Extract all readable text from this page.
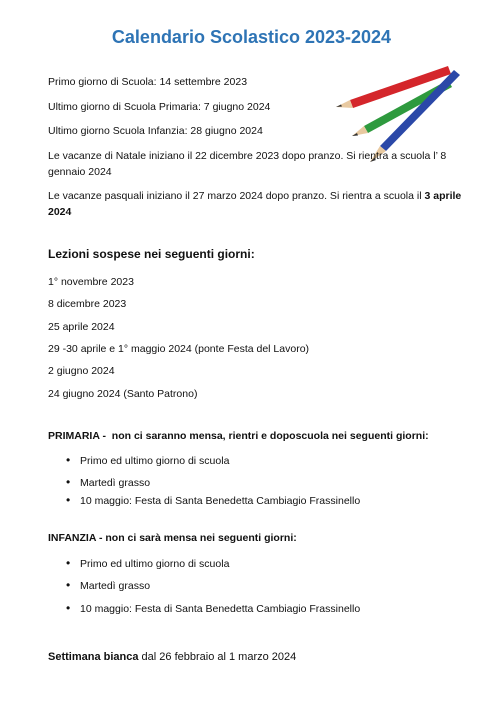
Calendario Scolastico 2023-2024
Primo giorno di Scuola: 14 settembre 2023
Ultimo giorno di Scuola Primaria: 7 giugno 2024
Ultimo giorno Scuola Infanzia: 28 giugno 2024
Le vacanze di Natale iniziano il 22 dicembre 2023 dopo pranzo. Si rientra a scuola l’ 8 gennaio 2024
Le vacanze pasquali iniziano il 27 marzo 2024 dopo pranzo. Si rientra a scuola il 3 aprile 2024
Lezioni sospese nei seguenti giorni:
1° novembre 2023
8 dicembre 2023
25 aprile 2024
29 -30 aprile e 1° maggio 2024 (ponte Festa del Lavoro)
2 giugno 2024
24 giugno 2024 (Santo Patrono)
PRIMARIA - non ci saranno mensa, rientri e doposcuola nei seguenti giorni:
• Primo ed ultimo giorno di scuola
• Martedì grasso
• 10 maggio: Festa di Santa Benedetta Cambiagio Frassinello
INFANZIA - non ci sarà mensa nei seguenti giorni:
• Primo ed ultimo giorno di scuola
• Martedì grasso
• 10 maggio: Festa di Santa Benedetta Cambiagio Frassinello
Settimana bianca dal 26 febbraio al 1 marzo 2024
